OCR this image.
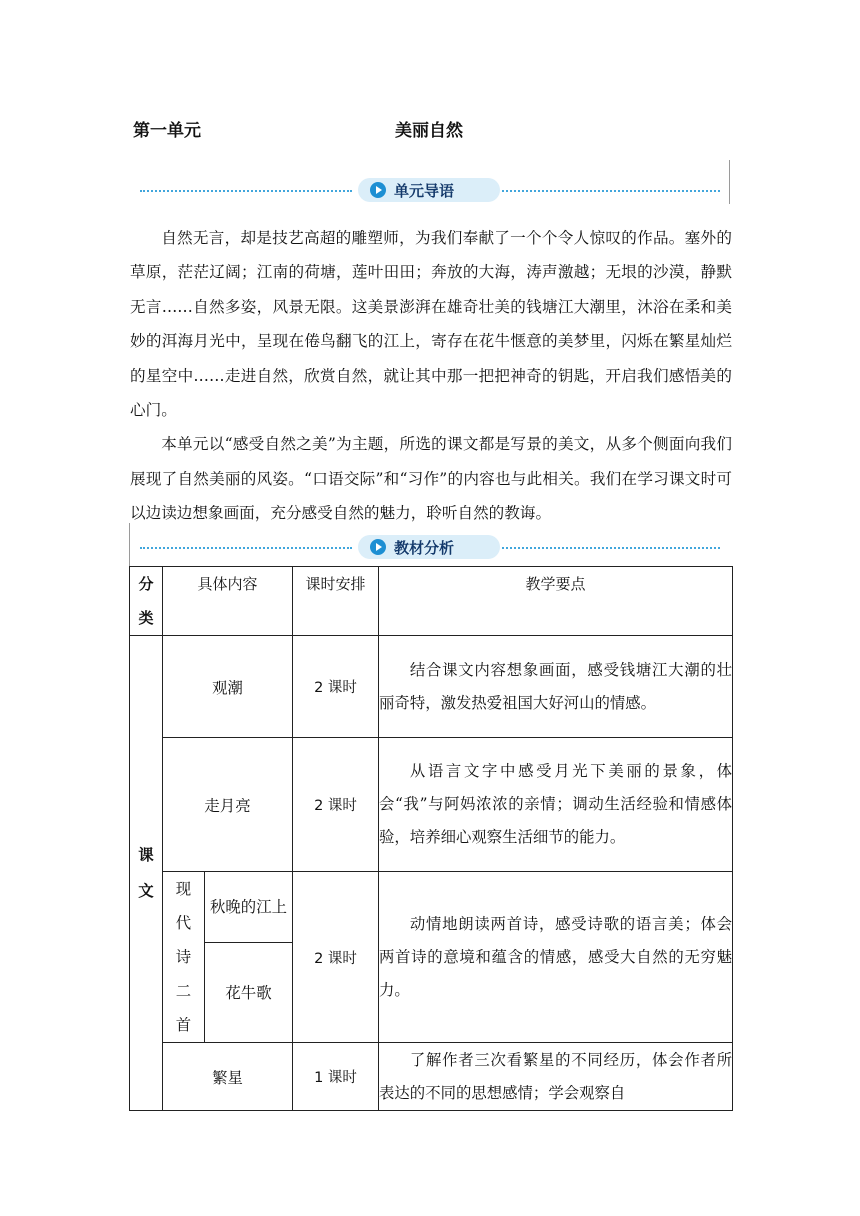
第一单元	美丽自然
单元导语

自然无言，却是技艺高超的雕塑师，为我们奉献了一个个令人惊叹的作品。塞外的草原，茫茫辽阔；江南的荷塘，莲叶田田；奔放的大海，涛声激越；无垠的沙漠，静默无言……自然多姿，风景无限。这美景澎湃在雄奇壮美的钱塘江大潮里，沐浴在柔和美妙的洱海月光中，呈现在倦鸟翻飞的江上，寄存在花牛惬意的美梦里，闪烁在繁星灿烂的星空中……走进自然，欣赏自然，就让其中那一把把神奇的钥匙，开启我们感悟美的心门。

本单元以“感受自然之美”为主题，所选的课文都是写景的美文，从多个侧面向我们展现了自然美丽的风姿。“口语交际”和“习作”的内容也与此相关。我们在学习课文时可以边读边想象画面，充分感受自然的魅力，聆听自然的教诲。

教材分析
分类	具体内容		课时安排	教学要点

课文	观潮		2 课时	结合课文内容想象画面，感受钱塘江大潮的壮丽奇特，激发热爱祖国大好河山的情感。

	走月亮		2 课时	从语言文字中感受月光下美丽的景象，体会“我”与阿妈浓浓的亲情；调动生活经验和情感体验，培养细心观察生活细节的能力。

	现代诗二首	秋晚的江上	2 课时	动情地朗读两首诗，感受诗歌的语言美；体会两首诗的意境和蕴含的情感，感受大自然的无穷魅力。

		花牛歌		
	繁星		1 课时	了解作者三次看繁星的不同经历，体会作者所表达的不同的思想感情；学会观察自
